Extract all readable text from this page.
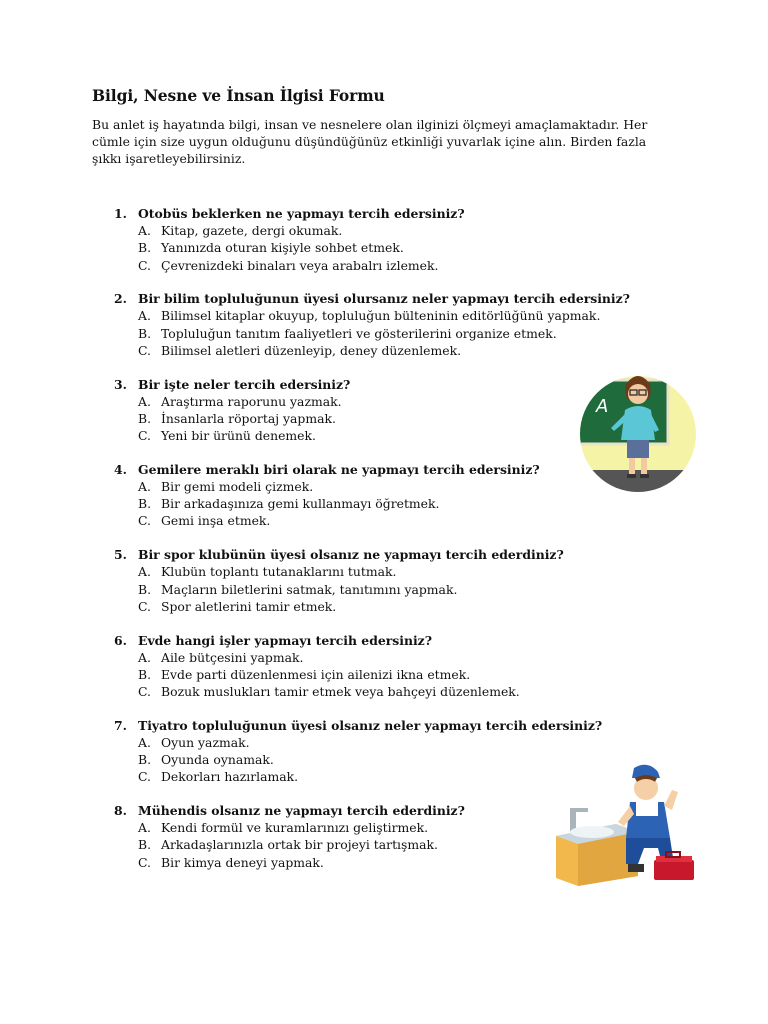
Bilgi, Nesne ve İnsan İlgisi Formu

Bu anlet iş hayatında bilgi, insan ve nesnelere olan ilginizi ölçmeyi amaçlamaktadır. Her cümle için size uygun olduğunu düşündüğünüz etkinliği yuvarlak içine alın. Birden fazla şıkkı işaretleyebilirsiniz.

1. Otobüs beklerken ne yapmayı tercih edersiniz?
A. Kitap, gazete, dergi okumak.
B. Yanınızda oturan kişiyle sohbet etmek.
C. Çevrenizdeki binaları veya arabalrı izlemek.
2. Bir bilim topluluğunun üyesi olursanız neler yapmayı tercih edersiniz?
A. Bilimsel kitaplar okuyup, topluluğun bülteninin editörlüğünü yapmak.
B. Topluluğun tanıtım faaliyetleri ve gösterilerini organize etmek.
C. Bilimsel aletleri düzenleyip, deney düzenlemek.
3. Bir işte neler tercih edersiniz?
A. Araştırma raporunu yazmak.
B. İnsanlarla röportaj yapmak.
C. Yeni bir ürünü denemek.
4. Gemilere meraklı biri olarak ne yapmayı tercih edersiniz?
A. Bir gemi modeli çizmek.
B. Bir arkadaşınıza gemi kullanmayı öğretmek.
C. Gemi inşa etmek.
5. Bir spor klubünün üyesi olsanız ne yapmayı tercih ederdiniz?
A. Klubün toplantı tutanaklarını tutmak.
B. Maçların biletlerini satmak, tanıtımını yapmak.
C. Spor aletlerini tamir etmek.
6. Evde hangi işler yapmayı tercih edersiniz?
A. Aile bütçesini yapmak.
B. Evde parti düzenlenmesi için ailenizi ikna etmek.
C. Bozuk muslukları tamir etmek veya bahçeyi düzenlemek.
7. Tiyatro topluluğunun üyesi olsanız neler yapmayı tercih edersiniz?
A. Oyun yazmak.
B. Oyunda oynamak.
C. Dekorları hazırlamak.
8. Mühendis olsanız ne yapmayı tercih ederdiniz?
A. Kendi formül ve kuramlarınızı geliştirmek.
B. Arkadaşlarınızla ortak bir projeyi tartışmak.
C. Bir kimya deneyi yapmak.
A
